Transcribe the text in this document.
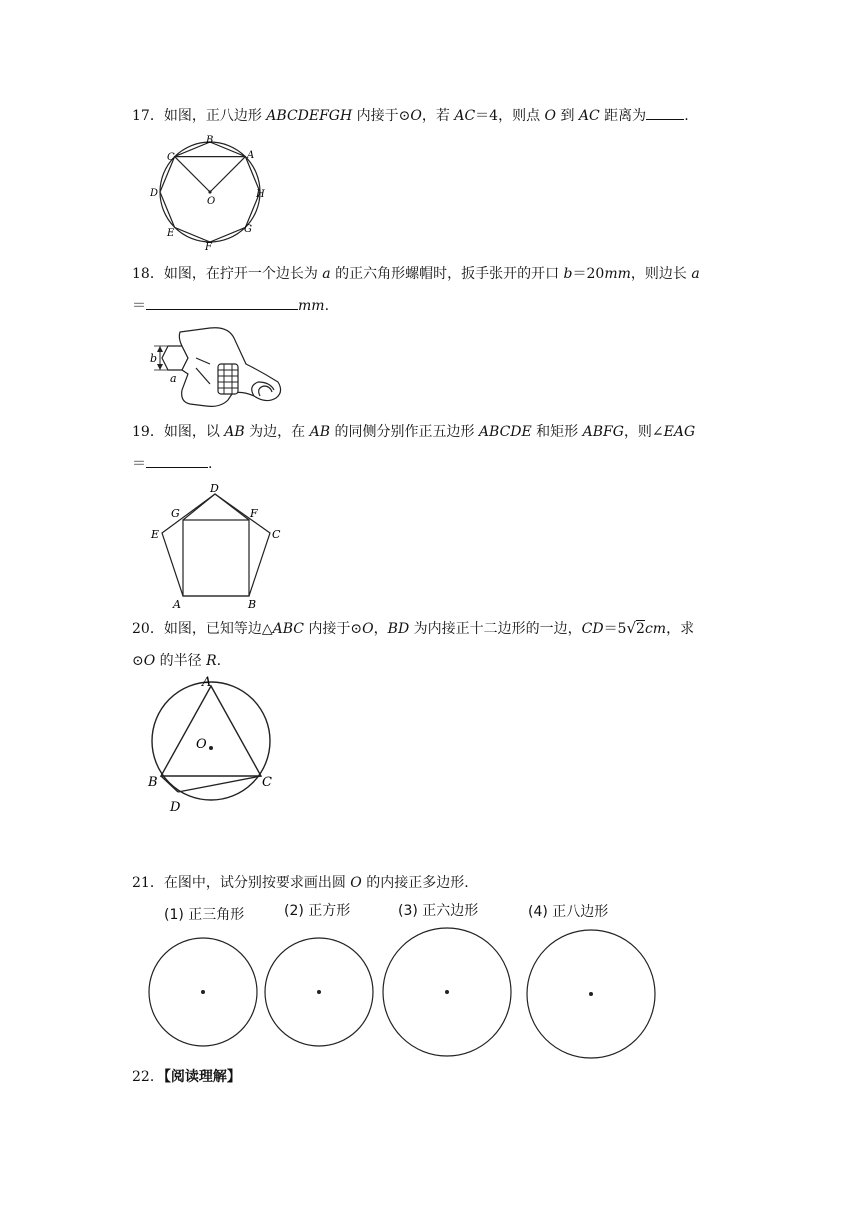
17．如图，正八边形 ABCDEFGH 内接于⊙O，若 AC＝4，则点 O 到 AC 距离为	.
B
C	A
D	H
E	G
F
O
18．如图，在拧开一个边长为 a 的正六角形螺帽时，扳手张开的开口 b＝20mm，则边长 a
＝	mm.
b
a
19．如图，以 AB 为边，在 AB 的同侧分别作正五边形 ABCDE 和矩形 ABFG，则∠EAG
＝	.
D
G	F
E	C
A	B
20．如图，已知等边△ABC 内接于⊙O，BD 为内接正十二边形的一边，CD＝5√2cm，求
⊙O 的半径 R.
A
O
B	C
D
21．在图中，试分别按要求画出圆 O 的内接正多边形.
(1) 正三角形	(2) 正方形	(3) 正六边形	(4) 正八边形
22．【阅读理解】
